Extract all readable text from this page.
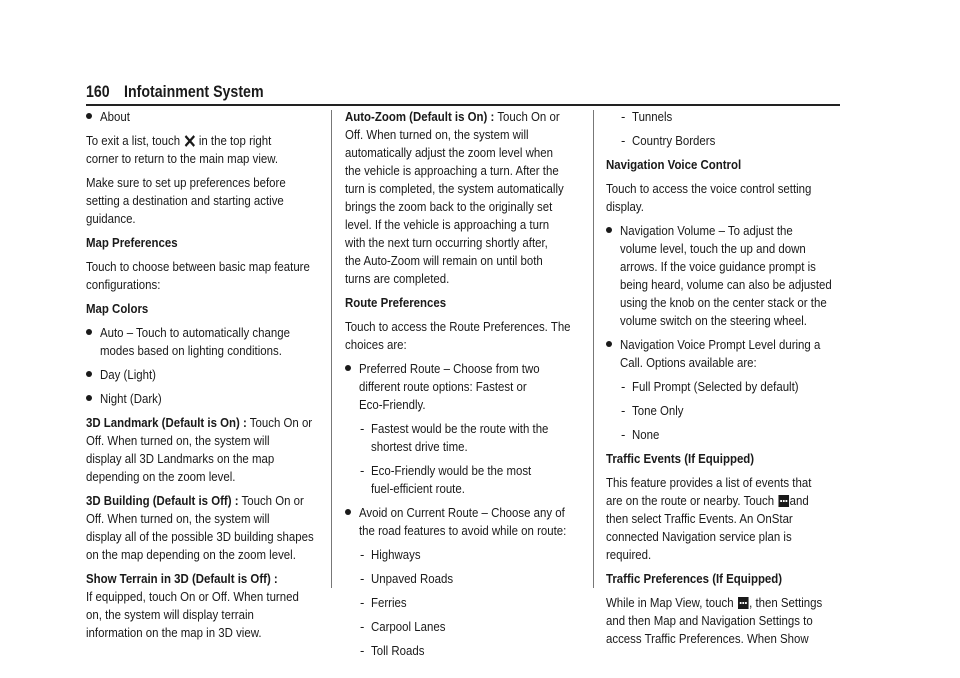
160 Infotainment System
About

To exit a list, touch in the top right
corner to return to the main map view.

Make sure to set up preferences before
setting a destination and starting active
guidance.

Map Preferences

Touch to choose between basic map feature
configurations:

Map Colors

Auto – Touch to automatically change
modes based on lighting conditions.
Day (Light)
Night (Dark)

3D Landmark (Default is On) : Touch On or
Off. When turned on, the system will
display all 3D Landmarks on the map
depending on the zoom level.

3D Building (Default is Off) : Touch On or
Off. When turned on, the system will
display all of the possible 3D building shapes
on the map depending on the zoom level.

Show Terrain in 3D (Default is Off) :
If equipped, touch On or Off. When turned
on, the system will display terrain
information on the map in 3D view.

Auto-Zoom (Default is On) : Touch On or
Off. When turned on, the system will
automatically adjust the zoom level when
the vehicle is approaching a turn. After the
turn is completed, the system automatically
brings the zoom back to the originally set
level. If the vehicle is approaching a turn
with the next turn occurring shortly after,
the Auto-Zoom will remain on until both
turns are completed.

Route Preferences

Touch to access the Route Preferences. The
choices are:

Preferred Route – Choose from two
different route options: Fastest or
Eco-Friendly.
- Fastest would be the route with the
shortest drive time.
- Eco-Friendly would be the most
fuel-efficient route.
Avoid on Current Route – Choose any of
the road features to avoid while on route:
- Highways
- Unpaved Roads
- Ferries
- Carpool Lanes
- Toll Roads
- Tunnels
- Country Borders

Navigation Voice Control

Touch to access the voice control setting
display.

Navigation Volume – To adjust the
volume level, touch the up and down
arrows. If the voice guidance prompt is
being heard, volume can also be adjusted
using the knob on the center stack or the
volume switch on the steering wheel.
Navigation Voice Prompt Level during a
Call. Options available are:
- Full Prompt (Selected by default)
- Tone Only
- None

Traffic Events (If Equipped)

This feature provides a list of events that
are on the route or nearby. Touch and
then select Traffic Events. An OnStar
connected Navigation service plan is
required.

Traffic Preferences (If Equipped)

While in Map View, touch , then Settings
and then Map and Navigation Settings to
access Traffic Preferences. When Show
